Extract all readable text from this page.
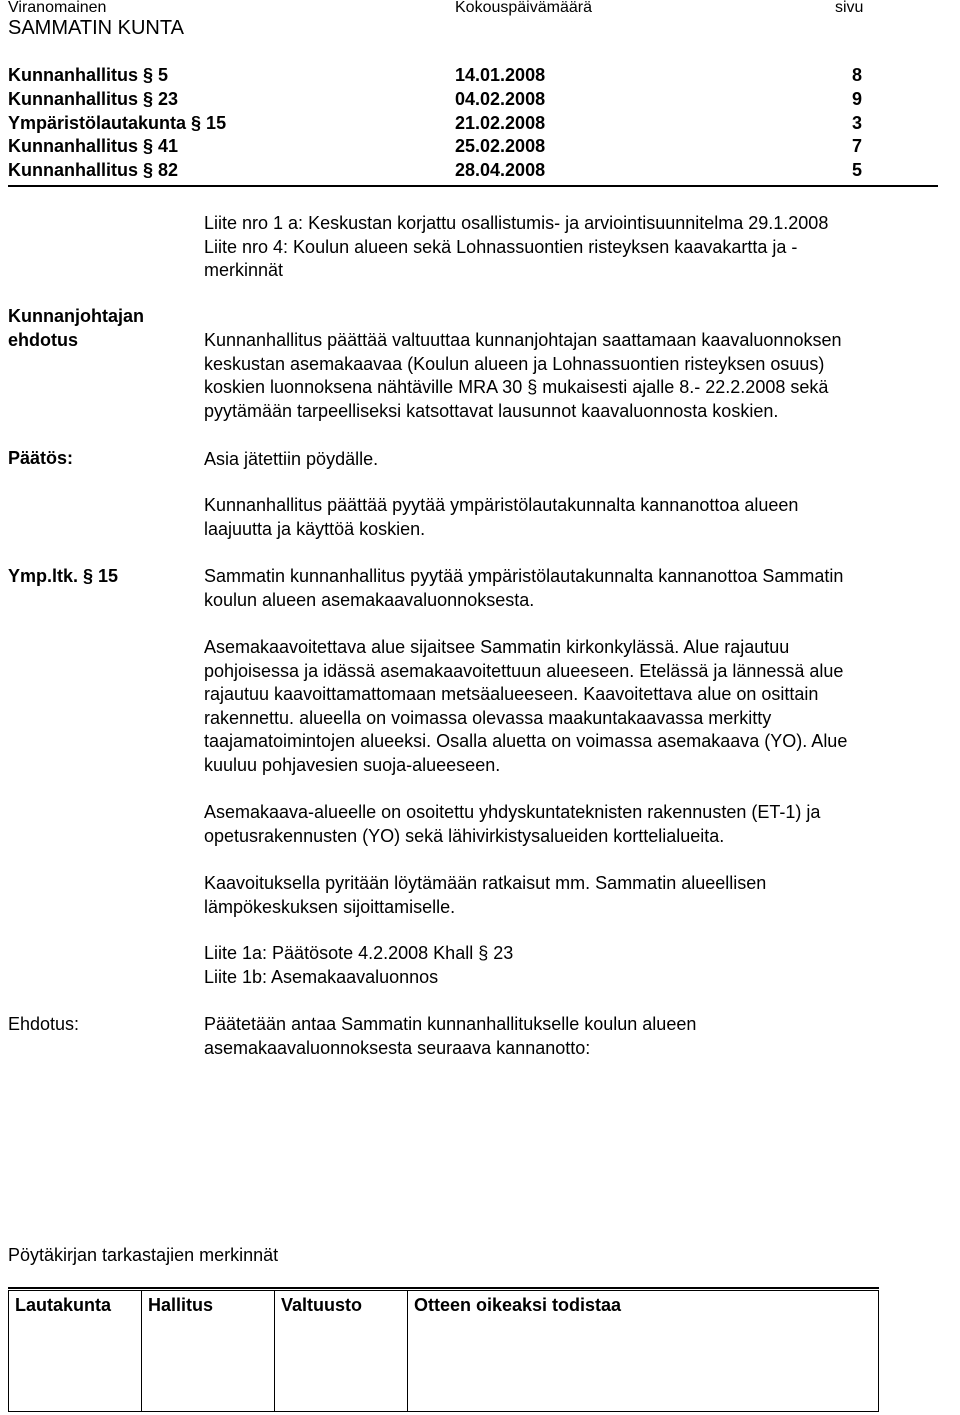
Viranomainen	Kokouspäivämäärä	sivu
SAMMATIN KUNTA
Kunnanhallitus § 5	14.01.2008	8
Kunnanhallitus § 23	04.02.2008	9
Ympäristölautakunta § 15	21.02.2008	3
Kunnanhallitus § 41	25.02.2008	7
Kunnanhallitus § 82	28.04.2008	5

Liite nro 1 a: Keskustan korjattu osallistumis- ja arviointisuunnitelma 29.1.2008

Liite nro 4: Koulun alueen sekä Lohnassuontien risteyksen kaavakartta ja -

merkinnät

Kunnanjohtajan
ehdotus	Kunnanhallitus päättää valtuuttaa kunnanjohtajan saattamaan kaavaluonnoksen

keskustan asemakaavaa (Koulun alueen ja Lohnassuontien risteyksen osuus)

koskien luonnoksena nähtäville MRA 30 § mukaisesti ajalle 8.- 22.2.2008 sekä

pyytämään tarpeelliseksi katsottavat lausunnot kaavaluonnosta koskien.

Päätös:	Asia jätettiin pöydälle.

Kunnanhallitus päättää pyytää ympäristölautakunnalta kannanottoa alueen

laajuutta ja käyttöä koskien.

Ymp.ltk. § 15	Sammatin kunnanhallitus pyytää ympäristölautakunnalta kannanottoa Sammatin

koulun alueen asemakaavaluonnoksesta.

Asemakaavoitettava alue sijaitsee Sammatin kirkonkylässä. Alue rajautuu

pohjoisessa ja idässä asemakaavoitettuun alueeseen. Etelässä ja lännessä alue

rajautuu kaavoittamattomaan metsäalueeseen. Kaavoitettava alue on osittain

rakennettu. alueella on voimassa olevassa maakuntakaavassa merkitty

taajamatoimintojen alueeksi. Osalla aluetta on voimassa asemakaava (YO). Alue

kuuluu pohjavesien suoja-alueeseen.

Asemakaava-alueelle on osoitettu yhdyskuntateknisten rakennusten (ET-1) ja

opetusrakennusten (YO) sekä lähivirkistysalueiden korttelialueita.

Kaavoituksella pyritään löytämään ratkaisut mm. Sammatin alueellisen

lämpökeskuksen sijoittamiselle.

Liite 1a: Päätösote 4.2.2008 Khall § 23

Liite 1b: Asemakaavaluonnos

Ehdotus:	Päätetään antaa Sammatin kunnanhallitukselle koulun alueen

asemakaavaluonnoksesta seuraava kannanotto:

Pöytäkirjan tarkastajien merkinnät
Lautakunta	Hallitus	Valtuusto	Otteen oikeaksi todistaa
